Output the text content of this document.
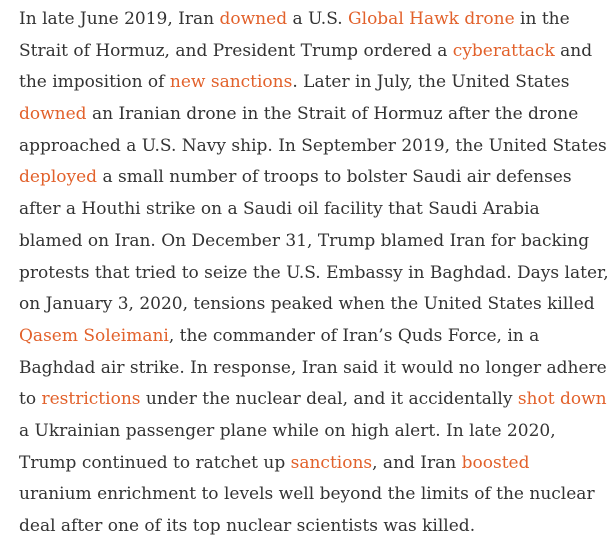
In late June 2019, Iran downed a U.S. Global Hawk drone in the
Strait of Hormuz, and President Trump ordered a cyberattack and
the imposition of new sanctions. Later in July, the United States
downed an Iranian drone in the Strait of Hormuz after the drone
approached a U.S. Navy ship. In September 2019, the United States
deployed a small number of troops to bolster Saudi air defenses
after a Houthi strike on a Saudi oil facility that Saudi Arabia
blamed on Iran. On December 31, Trump blamed Iran for backing
protests that tried to seize the U.S. Embassy in Baghdad. Days later,
on January 3, 2020, tensions peaked when the United States killed
Qasem Soleimani, the commander of Iran’s Quds Force, in a
Baghdad air strike. In response, Iran said it would no longer adhere
to restrictions under the nuclear deal, and it accidentally shot down
a Ukrainian passenger plane while on high alert. In late 2020,
Trump continued to ratchet up sanctions, and Iran boosted
uranium enrichment to levels well beyond the limits of the nuclear
deal after one of its top nuclear scientists was killed.
